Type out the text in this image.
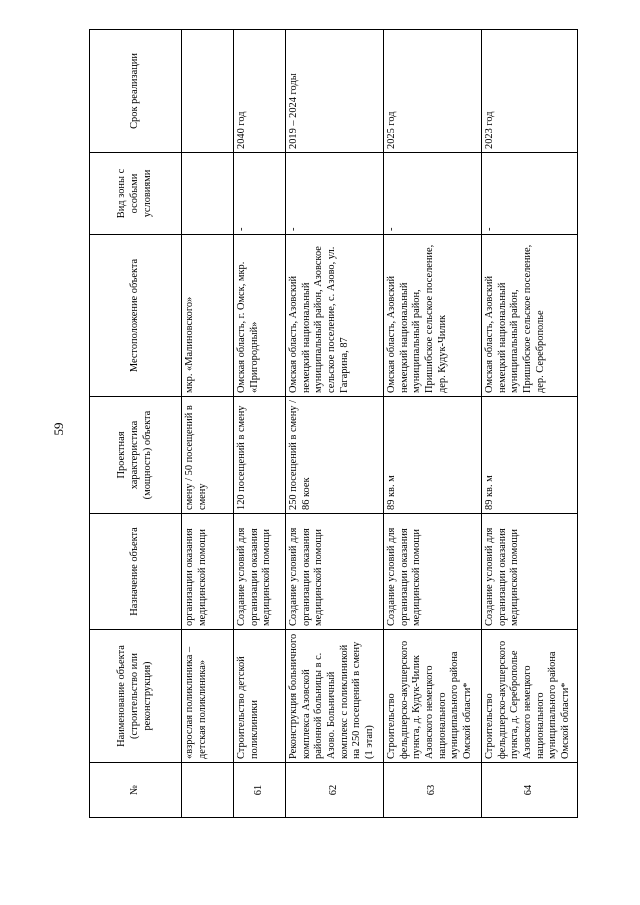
59
№	Наименование объекта (строительство или реконструкция)	Назначение объекта	Проектная характеристика (мощность) объекта	Местоположение объекта	Вид зоны с особыми условиями	Срок реализации
	«взрослая поликлиника – детская поликлиника»	организации оказания медицинской помощи	смену / 50 посещений в смену	мкр. «Малиновского»		
61	Строительство детской поликлиники	Создание условий для организации оказания медицинской помощи	120 посещений в смену	Омская область, г. Омск, мкр. «Пригородный»	-	2040 год
62	Реконструкция больничного комплекса Азовской районной больницы в с. Азово. Больничный комплекс с поликлиникой на 250 посещений в смену (1 этап)	Создание условий для организации оказания медицинской помощи	250 посещений в смену / 86 коек	Омская область, Азовский немецкий национальный муниципальный район, Азовское сельское поселение, с. Азово, ул. Гагарина, 87	-	2019 – 2024 годы
63	Строительство фельдшерско-акушерского пункта, д. Кудук-Чилик Азовского немецкого национального муниципального района Омской области*	Создание условий для организации оказания медицинской помощи	89 кв. м	Омская область, Азовский немецкий национальный муниципальный район, Пришибское сельское поселение, дер. Кудук-Чилик	-	2025 год
64	Строительство фельдшерско-акушерского пункта, д. Сереброполье Азовского немецкого национального муниципального района Омской области*	Создание условий для организации оказания медицинской помощи	89 кв. м	Омская область, Азовский немецкий национальный муниципальный район, Пришибское сельское поселение, дер. Сереброполье	-	2023 год
